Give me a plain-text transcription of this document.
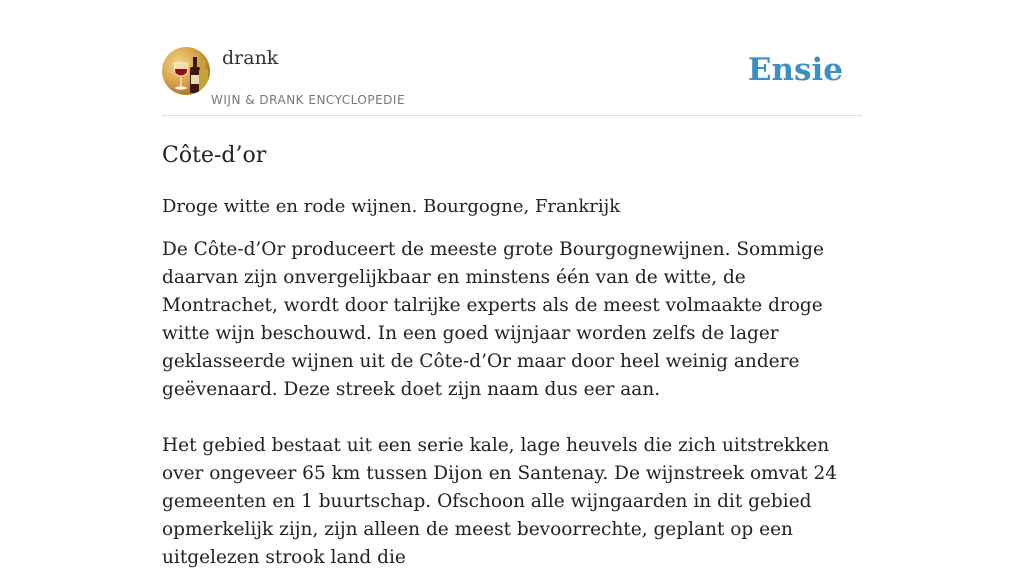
drank
WIJN & DRANK ENCYCLOPEDIE
Ensie
Côte-d’or
Droge witte en rode wijnen. Bourgogne, Frankrijk

De Côte-d’Or produceert de meeste grote Bourgognewijnen. Sommige daarvan zijn onvergelijkbaar en minstens één van de witte, de Montrachet, wordt door talrijke experts als de meest volmaakte droge witte wijn beschouwd. In een goed wijnjaar worden zelfs de lager geklasseerde wijnen uit de Côte-d’Or maar door heel weinig andere geëvenaard. Deze streek doet zijn naam dus eer aan.

Het gebied bestaat uit een serie kale, lage heuvels die zich uitstrekken over ongeveer 65 km tussen Dijon en Santenay. De wijnstreek omvat 24 gemeenten en 1 buurtschap. Ofschoon alle wijngaarden in dit gebied opmerkelijk zijn, zijn alleen de meest bevoorrechte, geplant op een uitgelezen strook land die
